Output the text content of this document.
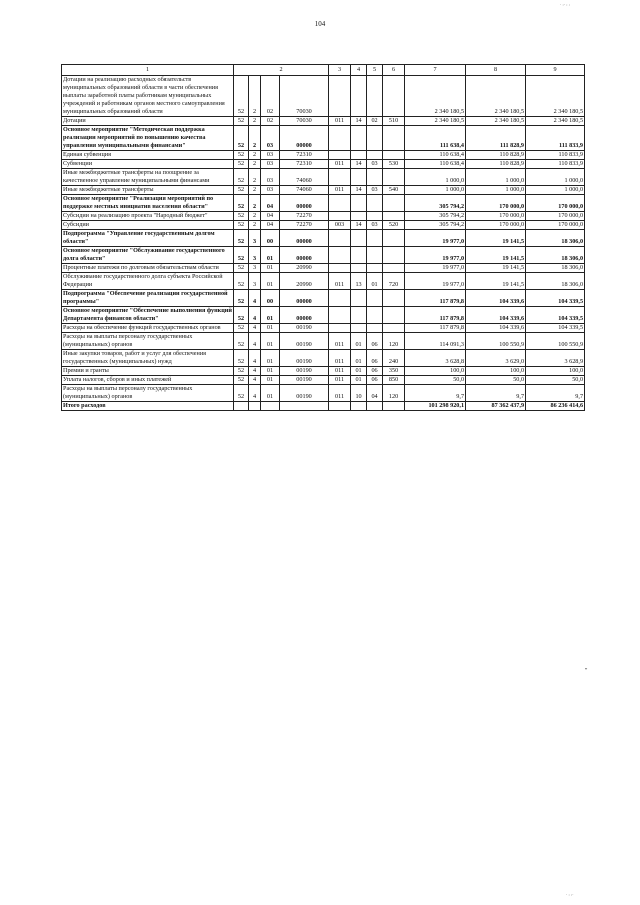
104
. ,. , ,
. , ,.
1	2				3	4	5	6	7	8	9
Дотации на реализацию расходных обязательств муниципальных образований области в части обеспечения выплаты заработной платы работникам муниципальных учреждений и работникам органов местного самоуправления муниципальных образований области	52	2	02	70030					2 340 180,5	2 340 180,5	2 340 180,5
Дотации	52	2	02	70030	011	14	02	510	2 340 180,5	2 340 180,5	2 340 180,5
Основное мероприятие "Методическая поддержка реализации мероприятий по повышению качества управления муниципальными финансами"	52	2	03	00000					111 638,4	111 828,9	111 833,9
Единая субвенция	52	2	03	72310					110 638,4	110 828,9	110 833,9
Субвенции	52	2	03	72310	011	14	03	530	110 638,4	110 828,9	110 833,9
Иные межбюджетные трансферты на поощрение за качественное управление муниципальными финансами	52	2	03	74060					1 000,0	1 000,0	1 000,0
Иные межбюджетные трансферты	52	2	03	74060	011	14	03	540	1 000,0	1 000,0	1 000,0
Основное мероприятие "Реализация мероприятий по поддержке местных инициатив населения области"	52	2	04	00000					305 794,2	170 000,0	170 000,0
Субсидии на реализацию проекта "Народный бюджет"	52	2	04	72270					305 794,2	170 000,0	170 000,0
Субсидии	52	2	04	72270	003	14	03	520	305 794,2	170 000,0	170 000,0
Подпрограмма "Управление государственным долгом области"	52	3	00	00000					19 977,0	19 141,5	18 306,0
Основное мероприятие "Обслуживание государственного долга области"	52	3	01	00000					19 977,0	19 141,5	18 306,0
Процентные платежи по долговым обязательствам области	52	3	01	20990					19 977,0	19 141,5	18 306,0
Обслуживание государственного долга субъекта Российской Федерации	52	3	01	20990	011	13	01	720	19 977,0	19 141,5	18 306,0
Подпрограмма "Обеспечение реализации государственной программы"	52	4	00	00000					117 879,8	104 339,6	104 339,5
Основное мероприятие "Обеспечение выполнения функций Департамента финансов области"	52	4	01	00000					117 879,8	104 339,6	104 339,5
Расходы на обеспечение функций государственных органов	52	4	01	00190					117 879,8	104 339,6	104 339,5
Расходы на выплаты персоналу государственных (муниципальных) органов	52	4	01	00190	011	01	06	120	114 091,3	100 550,9	100 550,9
Иные закупки товаров, работ и услуг для обеспечения государственных (муниципальных) нужд	52	4	01	00190	011	01	06	240	3 628,8	3 629,0	3 628,9
Премии и гранты	52	4	01	00190	011	01	06	350	100,0	100,0	100,0
Уплата налогов, сборов и иных платежей	52	4	01	00190	011	01	06	850	50,0	50,0	50,0
Расходы на выплаты персоналу государственных (муниципальных) органов	52	4	01	00190	011	10	04	120	9,7	9,7	9,7
Итого расходов									101 298 920,1	87 362 437,9	86 236 414,6
"
